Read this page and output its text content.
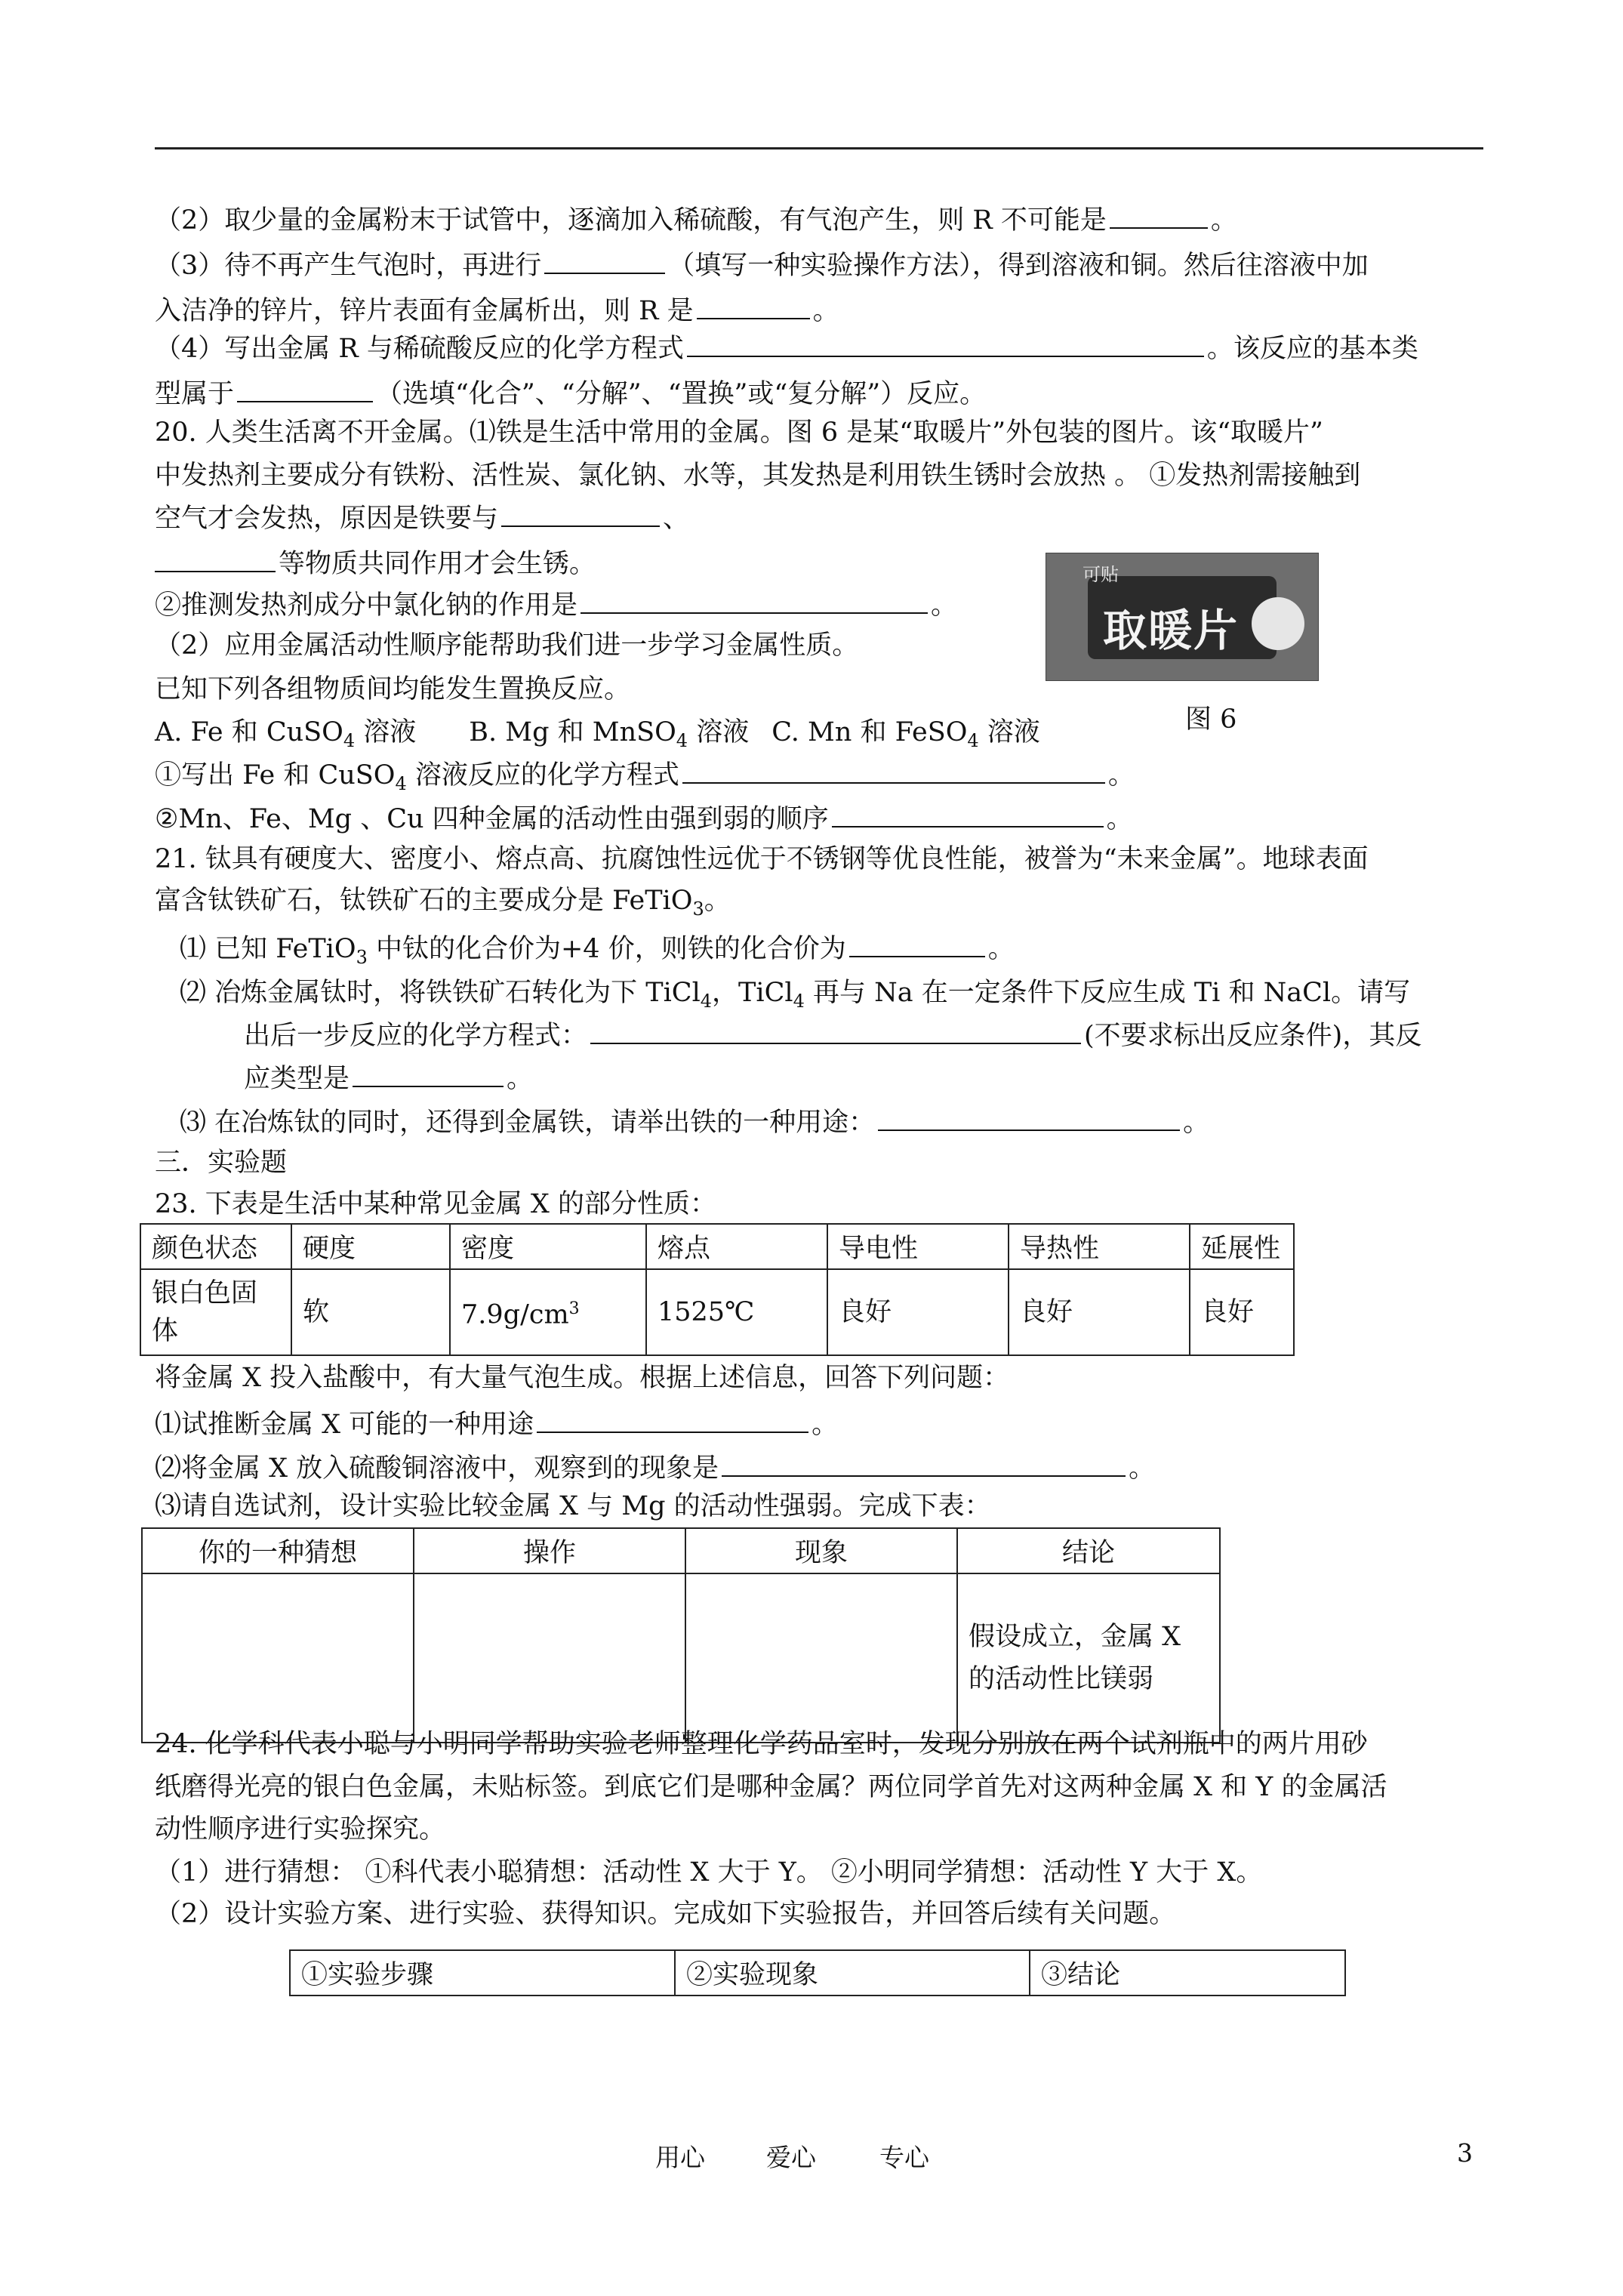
（2）取少量的金属粉末于试管中，逐滴加入稀硫酸，有气泡产生，则 R 不可能是	。
（3）待不再产生气泡时，再进行	（填写一种实验操作方法），得到溶液和铜。然后往溶液中加
入洁净的锌片，锌片表面有金属析出，则 R 是	。
（4）写出金属 R 与稀硫酸反应的化学方程式	。该反应的基本类
型属于	（选填“化合”、“分解”、“置换”或“复分解”）反应。
20. 人类生活离不开金属。⑴铁是生活中常用的金属。图 6 是某“取暖片”外包装的图片。该“取暖片”
中发热剂主要成分有铁粉、活性炭、氯化钠、水等，其发热是利用铁生锈时会放热 。 ①发热剂需接触到
空气才会发热，原因是铁要与	、
等物质共同作用才会生锈。
②推测发热剂成分中氯化钠的作用是	。
（2）应用金属活动性顺序能帮助我们进一步学习金属性质。
已知下列各组物质间均能发生置换反应。
A. Fe 和 CuSO$_4$ 溶液 B. Mg 和 MnSO$_4$ 溶液 C. Mn 和 FeSO$_4$ 溶液
①写出 Fe 和 CuSO$_4$ 溶液反应的化学方程式	。
②Mn、Fe、Mg 、Cu 四种金属的活动性由强到弱的顺序	。
可贴
取暖片
图 6
21. 钛具有硬度大、密度小、熔点高、抗腐蚀性远优于不锈钢等优良性能，被誉为“未来金属”。地球表面
富含钛铁矿石，钛铁矿石的主要成分是 FeTiO$_3$。
⑴ 已知 FeTiO$_3$ 中钛的化合价为+4 价，则铁的化合价为	。
⑵ 冶炼金属钛时，将铁铁矿石转化为下 TiCl$_4$，TiCl$_4$ 再与 Na 在一定条件下反应生成 Ti 和 NaCl。请写
出后一步反应的化学方程式：	(不要求标出反应条件)，其反
应类型是	。
⑶ 在冶炼钛的同时，还得到金属铁，请举出铁的一种用途：	。
三．实验题
23. 下表是生活中某种常见金属 X 的部分性质：
颜色状态	硬度	密度	熔点	导电性	导热性	延展性
银白色固体	软	$7.9g/cm^3$	1525℃	良好	良好	良好
将金属 X 投入盐酸中，有大量气泡生成。根据上述信息，回答下列问题：
⑴试推断金属 X 可能的一种用途	。
⑵将金属 X 放入硫酸铜溶液中，观察到的现象是	。
⑶请自选试剂，设计实验比较金属 X 与 Mg 的活动性强弱。完成下表：
你的一种猜想	操作	现象	结论
			假设成立，金属 X 的活动性比镁弱
24. 化学科代表小聪与小明同学帮助实验老师整理化学药品室时，发现分别放在两个试剂瓶中的两片用砂
纸磨得光亮的银白色金属，未贴标签。到底它们是哪种金属？两位同学首先对这两种金属 X 和 Y 的金属活
动性顺序进行实验探究。
（1）进行猜想： ①科代表小聪猜想：活动性 X 大于 Y。 ②小明同学猜想：活动性 Y 大于 X。
（2）设计实验方案、进行实验、获得知识。完成如下实验报告，并回答后续有关问题。
①实验步骤	②实验现象	③结论
用心 爱心	专心	3
